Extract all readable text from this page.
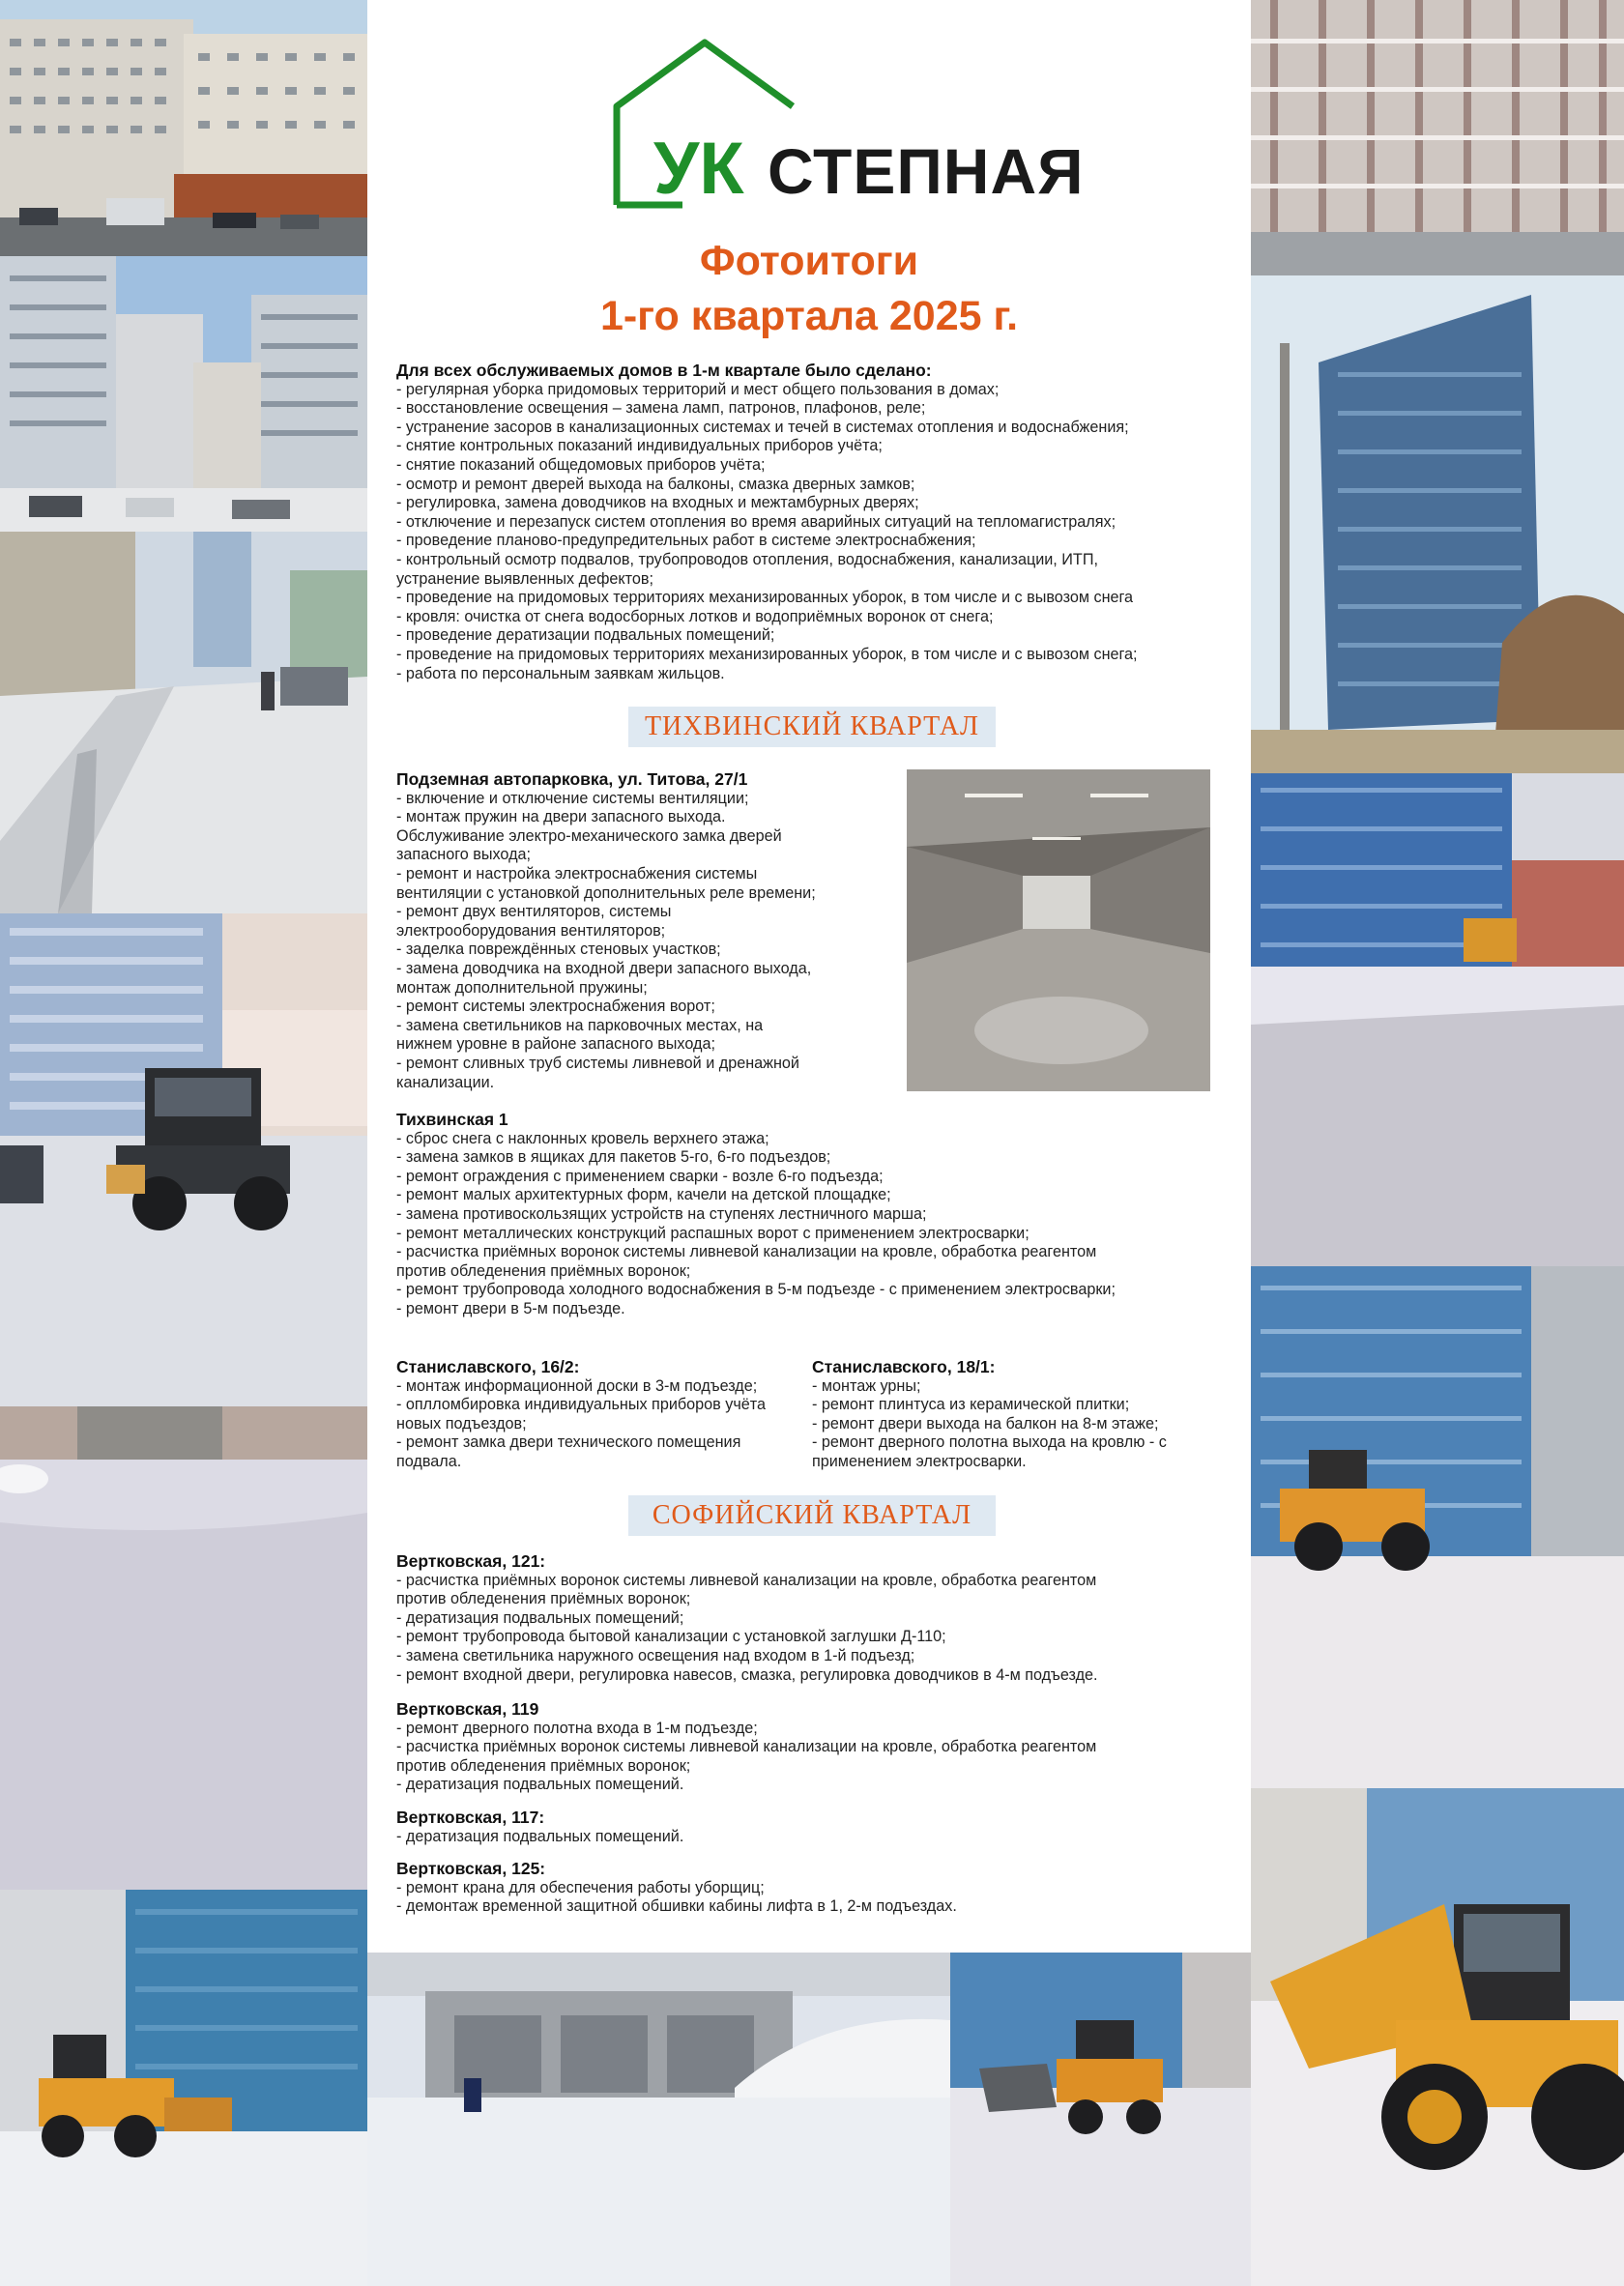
УК СТЕПНАЯ
Фотоитоги
1-го квартала 2025 г.
Для всех обслуживаемых домов в 1-м квартале было сделано:
- регулярная уборка придомовых территорий и мест общего пользования в домах;
- восстановление освещения – замена ламп, патронов, плафонов, реле;
- устранение засоров в канализационных системах и течей в системах отопления и водоснабжения;
- снятие контрольных показаний индивидуальных приборов учёта;
- снятие показаний общедомовых приборов учёта;
- осмотр и ремонт дверей выхода на балконы, смазка дверных замков;
- регулировка, замена доводчиков на входных и межтамбурных дверях;
- отключение и перезапуск систем отопления во время аварийных ситуаций на тепломагистралях;
- проведение планово-предупредительных работ в системе электроснабжения;
- контрольный осмотр подвалов, трубопроводов отопления, водоснабжения, канализации, ИТП,
устранение выявленных дефектов;
- проведение на придомовых территориях механизированных уборок, в том числе и с вывозом снега
- кровля: очистка от снега водосборных лотков и водоприёмных воронок от снега;
- проведение дератизации подвальных помещений;
- проведение на придомовых территориях механизированных уборок, в том числе и с вывозом снега;
- работа по персональным заявкам жильцов.
ТИХВИНСКИЙ КВАРТАЛ
Подземная автопарковка, ул. Титова, 27/1
- включение и отключение системы вентиляции;
- монтаж пружин на двери запасного выхода.
Обслуживание электро-механического замка дверей
запасного выхода;
- ремонт и настройка электроснабжения системы
вентиляции с установкой дополнительных реле времени;
- ремонт двух вентиляторов, системы
электрооборудования вентиляторов;
- заделка повреждённых стеновых участков;
- замена доводчика на входной двери запасного выхода,
монтаж дополнительной пружины;
- ремонт системы электроснабжения ворот;
- замена светильников на парковочных местах, на
нижнем уровне в районе запасного выхода;
- ремонт сливных труб системы ливневой и дренажной
канализации.
Тихвинская 1
- сброс снега с наклонных кровель верхнего этажа;
- замена замков в ящиках для пакетов 5-го, 6-го подъездов;
- ремонт ограждения с применением сварки - возле 6-го подъезда;
- ремонт малых архитектурных форм, качели на детской площадке;
- замена противоскользящих устройств на ступенях лестничного марша;
- ремонт металлических конструкций распашных ворот с применением электросварки;
- расчистка приёмных воронок системы ливневой канализации на кровле, обработка реагентом
против обледенения приёмных воронок;
- ремонт трубопровода холодного водоснабжения в 5-м подъезде - с применением электросварки;
- ремонт двери в 5-м подъезде.
Станиславского, 16/2:
- монтаж информационной доски в 3-м подъезде;
- оплломбировка индивидуальных приборов учёта
новых подъездов;
- ремонт замка двери технического помещения
подвала.
Станиславского, 18/1:
- монтаж урны;
- ремонт плинтуса из керамической плитки;
- ремонт двери выхода на балкон на 8-м этаже;
- ремонт дверного полотна выхода на кровлю - с
применением электросварки.
СОФИЙСКИЙ КВАРТАЛ
Вертковская, 121:
- расчистка приёмных воронок системы ливневой канализации на кровле, обработка реагентом
против обледенения приёмных воронок;
- дератизация подвальных помещений;
- ремонт трубопровода бытовой канализации с установкой заглушки Д-110;
- замена светильника наружного освещения над входом в 1-й подъезд;
- ремонт входной двери, регулировка навесов, смазка, регулировка доводчиков в 4-м подъезде.
Вертковская, 119
- ремонт дверного полотна входа в 1-м подъезде;
- расчистка приёмных воронок системы ливневой канализации на кровле, обработка реагентом
против обледенения приёмных воронок;
- дератизация подвальных помещений.
Вертковская, 117:
- дератизация подвальных помещений.
Вертковская, 125:
- ремонт крана для обеспечения работы уборщиц;
- демонтаж временной защитной обшивки кабины лифта в 1, 2-м подъездах.
